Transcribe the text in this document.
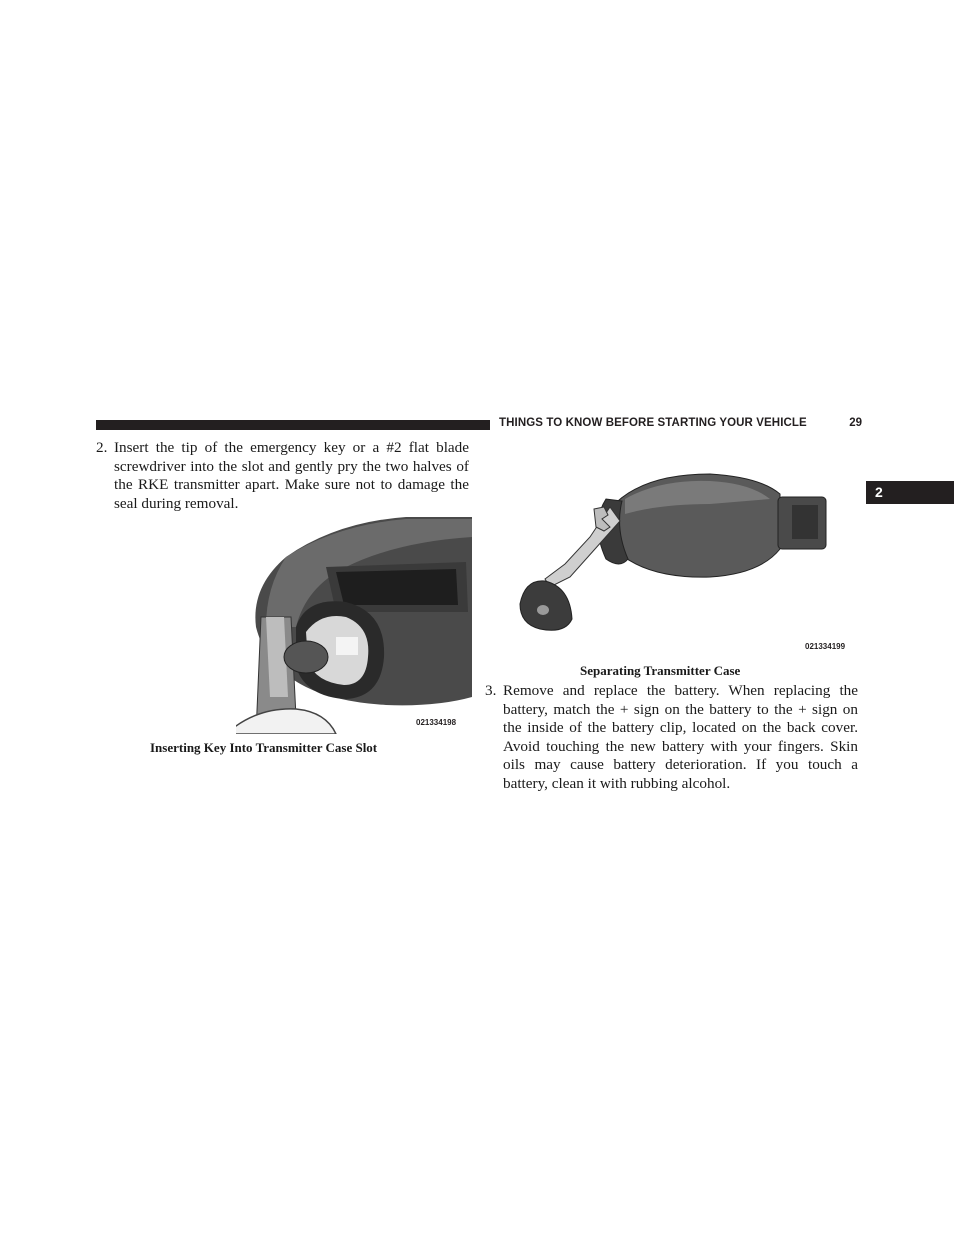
THINGS TO KNOW BEFORE STARTING YOUR VEHICLE	29
2
2. Insert the tip of the emergency key or a #2 flat blade screwdriver into the slot and gently pry the two halves of the RKE transmitter apart. Make sure not to damage the seal during removal.
021334198
Inserting Key Into Transmitter Case Slot
021334199
Separating Transmitter Case
3. Remove and replace the battery. When replacing the battery, match the + sign on the battery to the + sign on the inside of the battery clip, located on the back cover. Avoid touching the new battery with your fingers. Skin oils may cause battery deterioration. If you touch a battery, clean it with rubbing alcohol.
